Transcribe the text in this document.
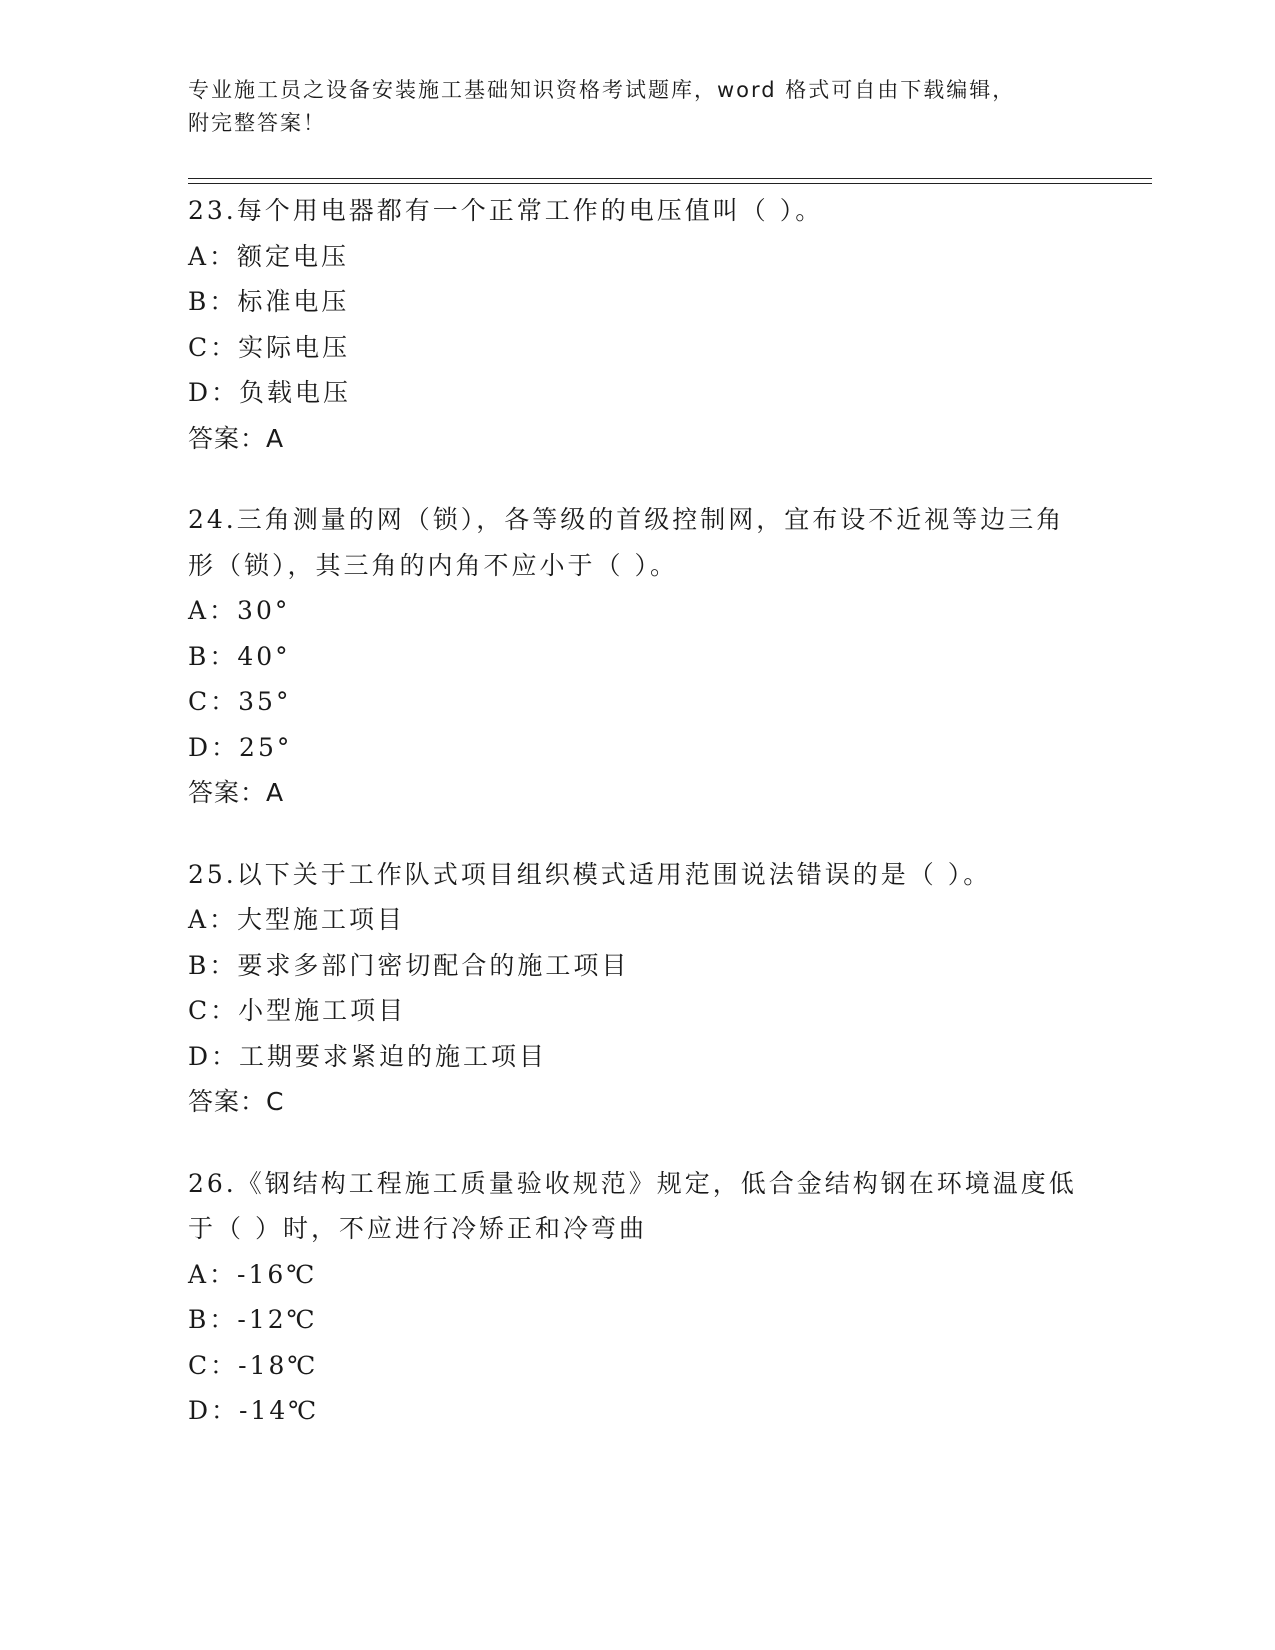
专业施工员之设备安装施工基础知识资格考试题库，word 格式可自由下载编辑，
附完整答案！
23.每个用电器都有一个正常工作的电压值叫（ ）。
A：额定电压
B：标准电压
C：实际电压
D：负载电压
答案：A
24.三角测量的网（锁），各等级的首级控制网，宜布设不近视等边三角形（锁），其三角的内角不应小于（ ）。
A：30°
B：40°
C：35°
D：25°
答案：A
25.以下关于工作队式项目组织模式适用范围说法错误的是（ ）。
A：大型施工项目
B：要求多部门密切配合的施工项目
C：小型施工项目
D：工期要求紧迫的施工项目
答案：C
26.《钢结构工程施工质量验收规范》规定，低合金结构钢在环境温度低于（ ）时，不应进行冷矫正和冷弯曲
A：-16℃
B：-12℃
C：-18℃
D：-14℃
